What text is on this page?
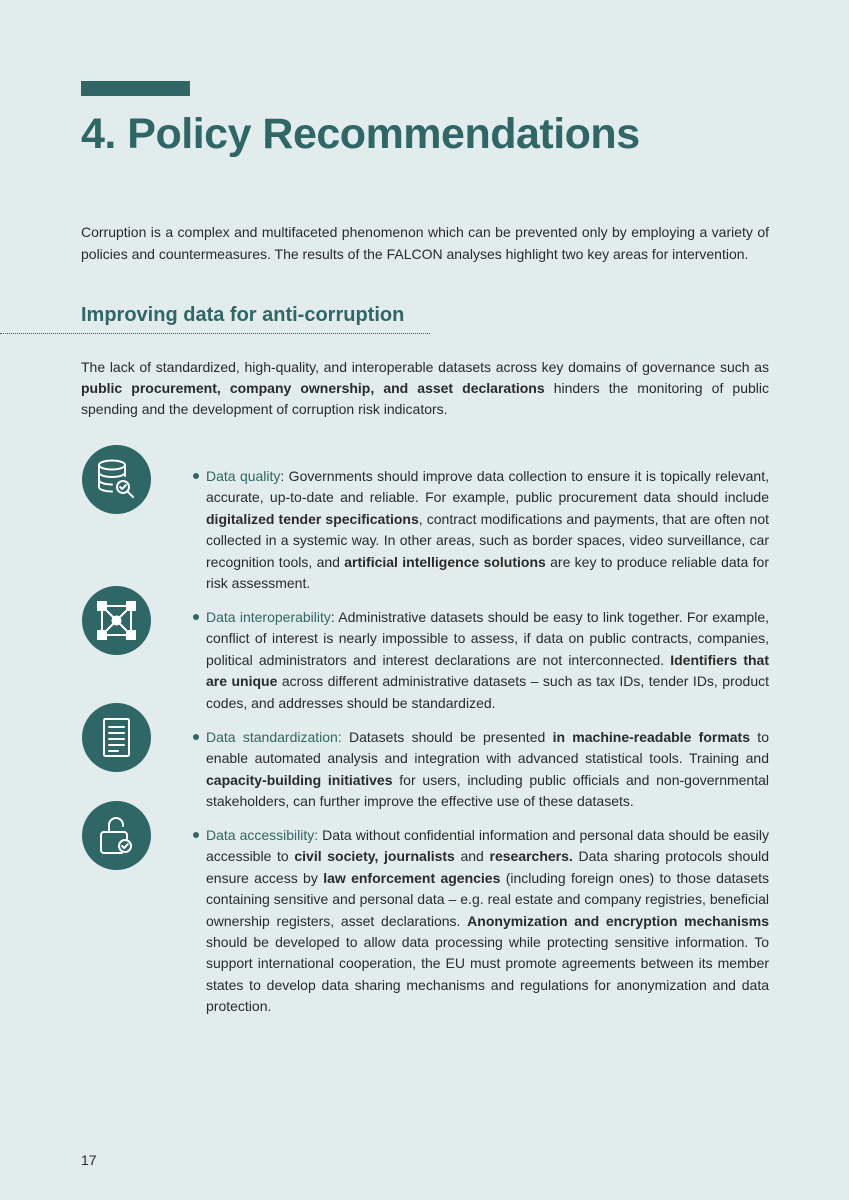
4. Policy Recommendations

Corruption is a complex and multifaceted phenomenon which can be prevented only by employing a variety of policies and countermeasures. The results of the FALCON analyses highlight two key areas for intervention.

Improving data for anti-corruption

The lack of standardized, high-quality, and interoperable datasets across key domains of governance such as public procurement, company ownership, and asset declarations hinders the monitoring of public spending and the development of corruption risk indicators.

Data quality: Governments should improve data collection to ensure it is topically relevant, accurate, up-to-date and reliable. For example, public procurement data should include digitalized tender specifications, contract modifications and payments, that are often not collected in a systemic way. In other areas, such as border spaces, video surveillance, car recognition tools, and artificial intelligence solutions are key to produce reliable data for risk assessment.

Data interoperability: Administrative datasets should be easy to link together. For example, conflict of interest is nearly impossible to assess, if data on public contracts, companies, political administrators and interest declarations are not interconnected. Identifiers that are unique across different administrative datasets – such as tax IDs, tender IDs, product codes, and addresses should be standardized.

Data standardization: Datasets should be presented in machine-readable formats to enable automated analysis and integration with advanced statistical tools. Training and capacity-building initiatives for users, including public officials and non-governmental stakeholders, can further improve the effective use of these datasets.

Data accessibility: Data without confidential information and personal data should be easily accessible to civil society, journalists and researchers. Data sharing protocols should ensure access by law enforcement agencies (including foreign ones) to those datasets containing sensitive and personal data – e.g. real estate and company registries, beneficial ownership registers, asset declarations. Anonymization and encryption mechanisms should be developed to allow data processing while protecting sensitive information. To support international cooperation, the EU must promote agreements between its member states to develop data sharing mechanisms and regulations for anonymization and data protection.

17
